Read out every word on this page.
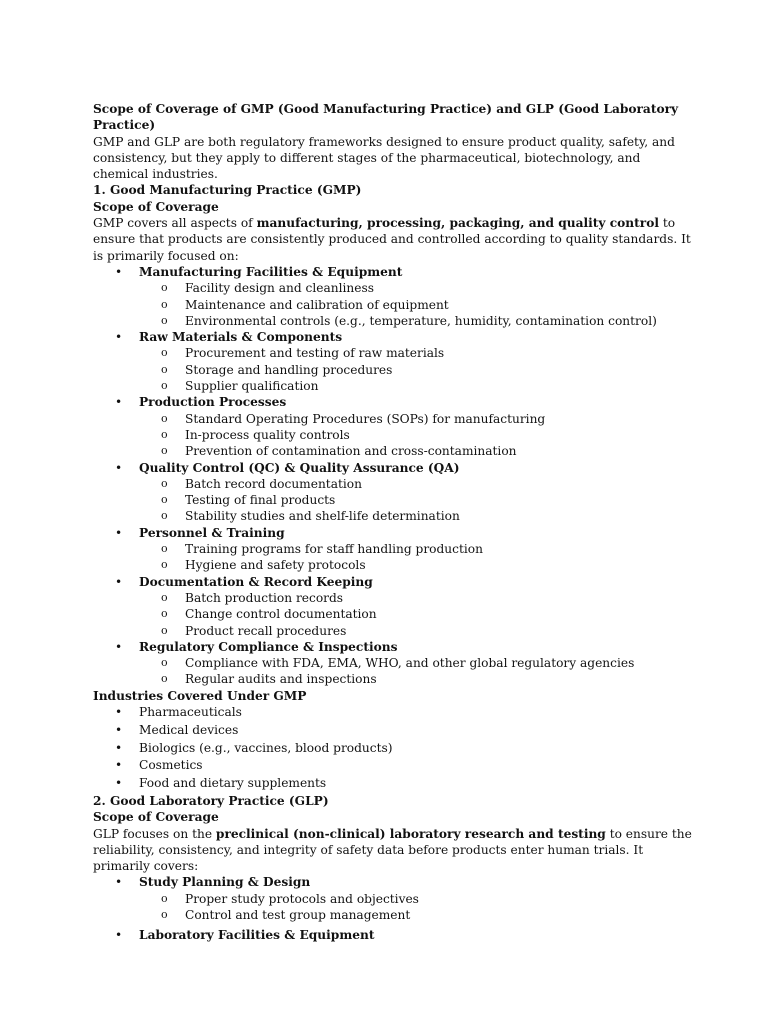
Scope of Coverage of GMP (Good Manufacturing Practice) and GLP (Good Laboratory Practice)

GMP and GLP are both regulatory frameworks designed to ensure product quality, safety, and consistency, but they apply to different stages of the pharmaceutical, biotechnology, and chemical industries.

1. Good Manufacturing Practice (GMP)
Scope of Coverage

GMP covers all aspects of manufacturing, processing, packaging, and quality control to ensure that products are consistently produced and controlled according to quality standards. It is primarily focused on:

• Manufacturing Facilities & Equipment
o Facility design and cleanliness
o Maintenance and calibration of equipment
o Environmental controls (e.g., temperature, humidity, contamination control)
• Raw Materials & Components
o Procurement and testing of raw materials
o Storage and handling procedures
o Supplier qualification
• Production Processes
o Standard Operating Procedures (SOPs) for manufacturing
o In-process quality controls
o Prevention of contamination and cross-contamination
• Quality Control (QC) & Quality Assurance (QA)
o Batch record documentation
o Testing of final products
o Stability studies and shelf-life determination
• Personnel & Training
o Training programs for staff handling production
o Hygiene and safety protocols
• Documentation & Record Keeping
o Batch production records
o Change control documentation
o Product recall procedures
• Regulatory Compliance & Inspections
o Compliance with FDA, EMA, WHO, and other global regulatory agencies
o Regular audits and inspections
Industries Covered Under GMP
• Pharmaceuticals
• Medical devices
• Biologics (e.g., vaccines, blood products)
• Cosmetics
• Food and dietary supplements
2. Good Laboratory Practice (GLP)
Scope of Coverage

GLP focuses on the preclinical (non-clinical) laboratory research and testing to ensure the reliability, consistency, and integrity of safety data before products enter human trials. It primarily covers:

• Study Planning & Design
o Proper study protocols and objectives
o Control and test group management
• Laboratory Facilities & Equipment
